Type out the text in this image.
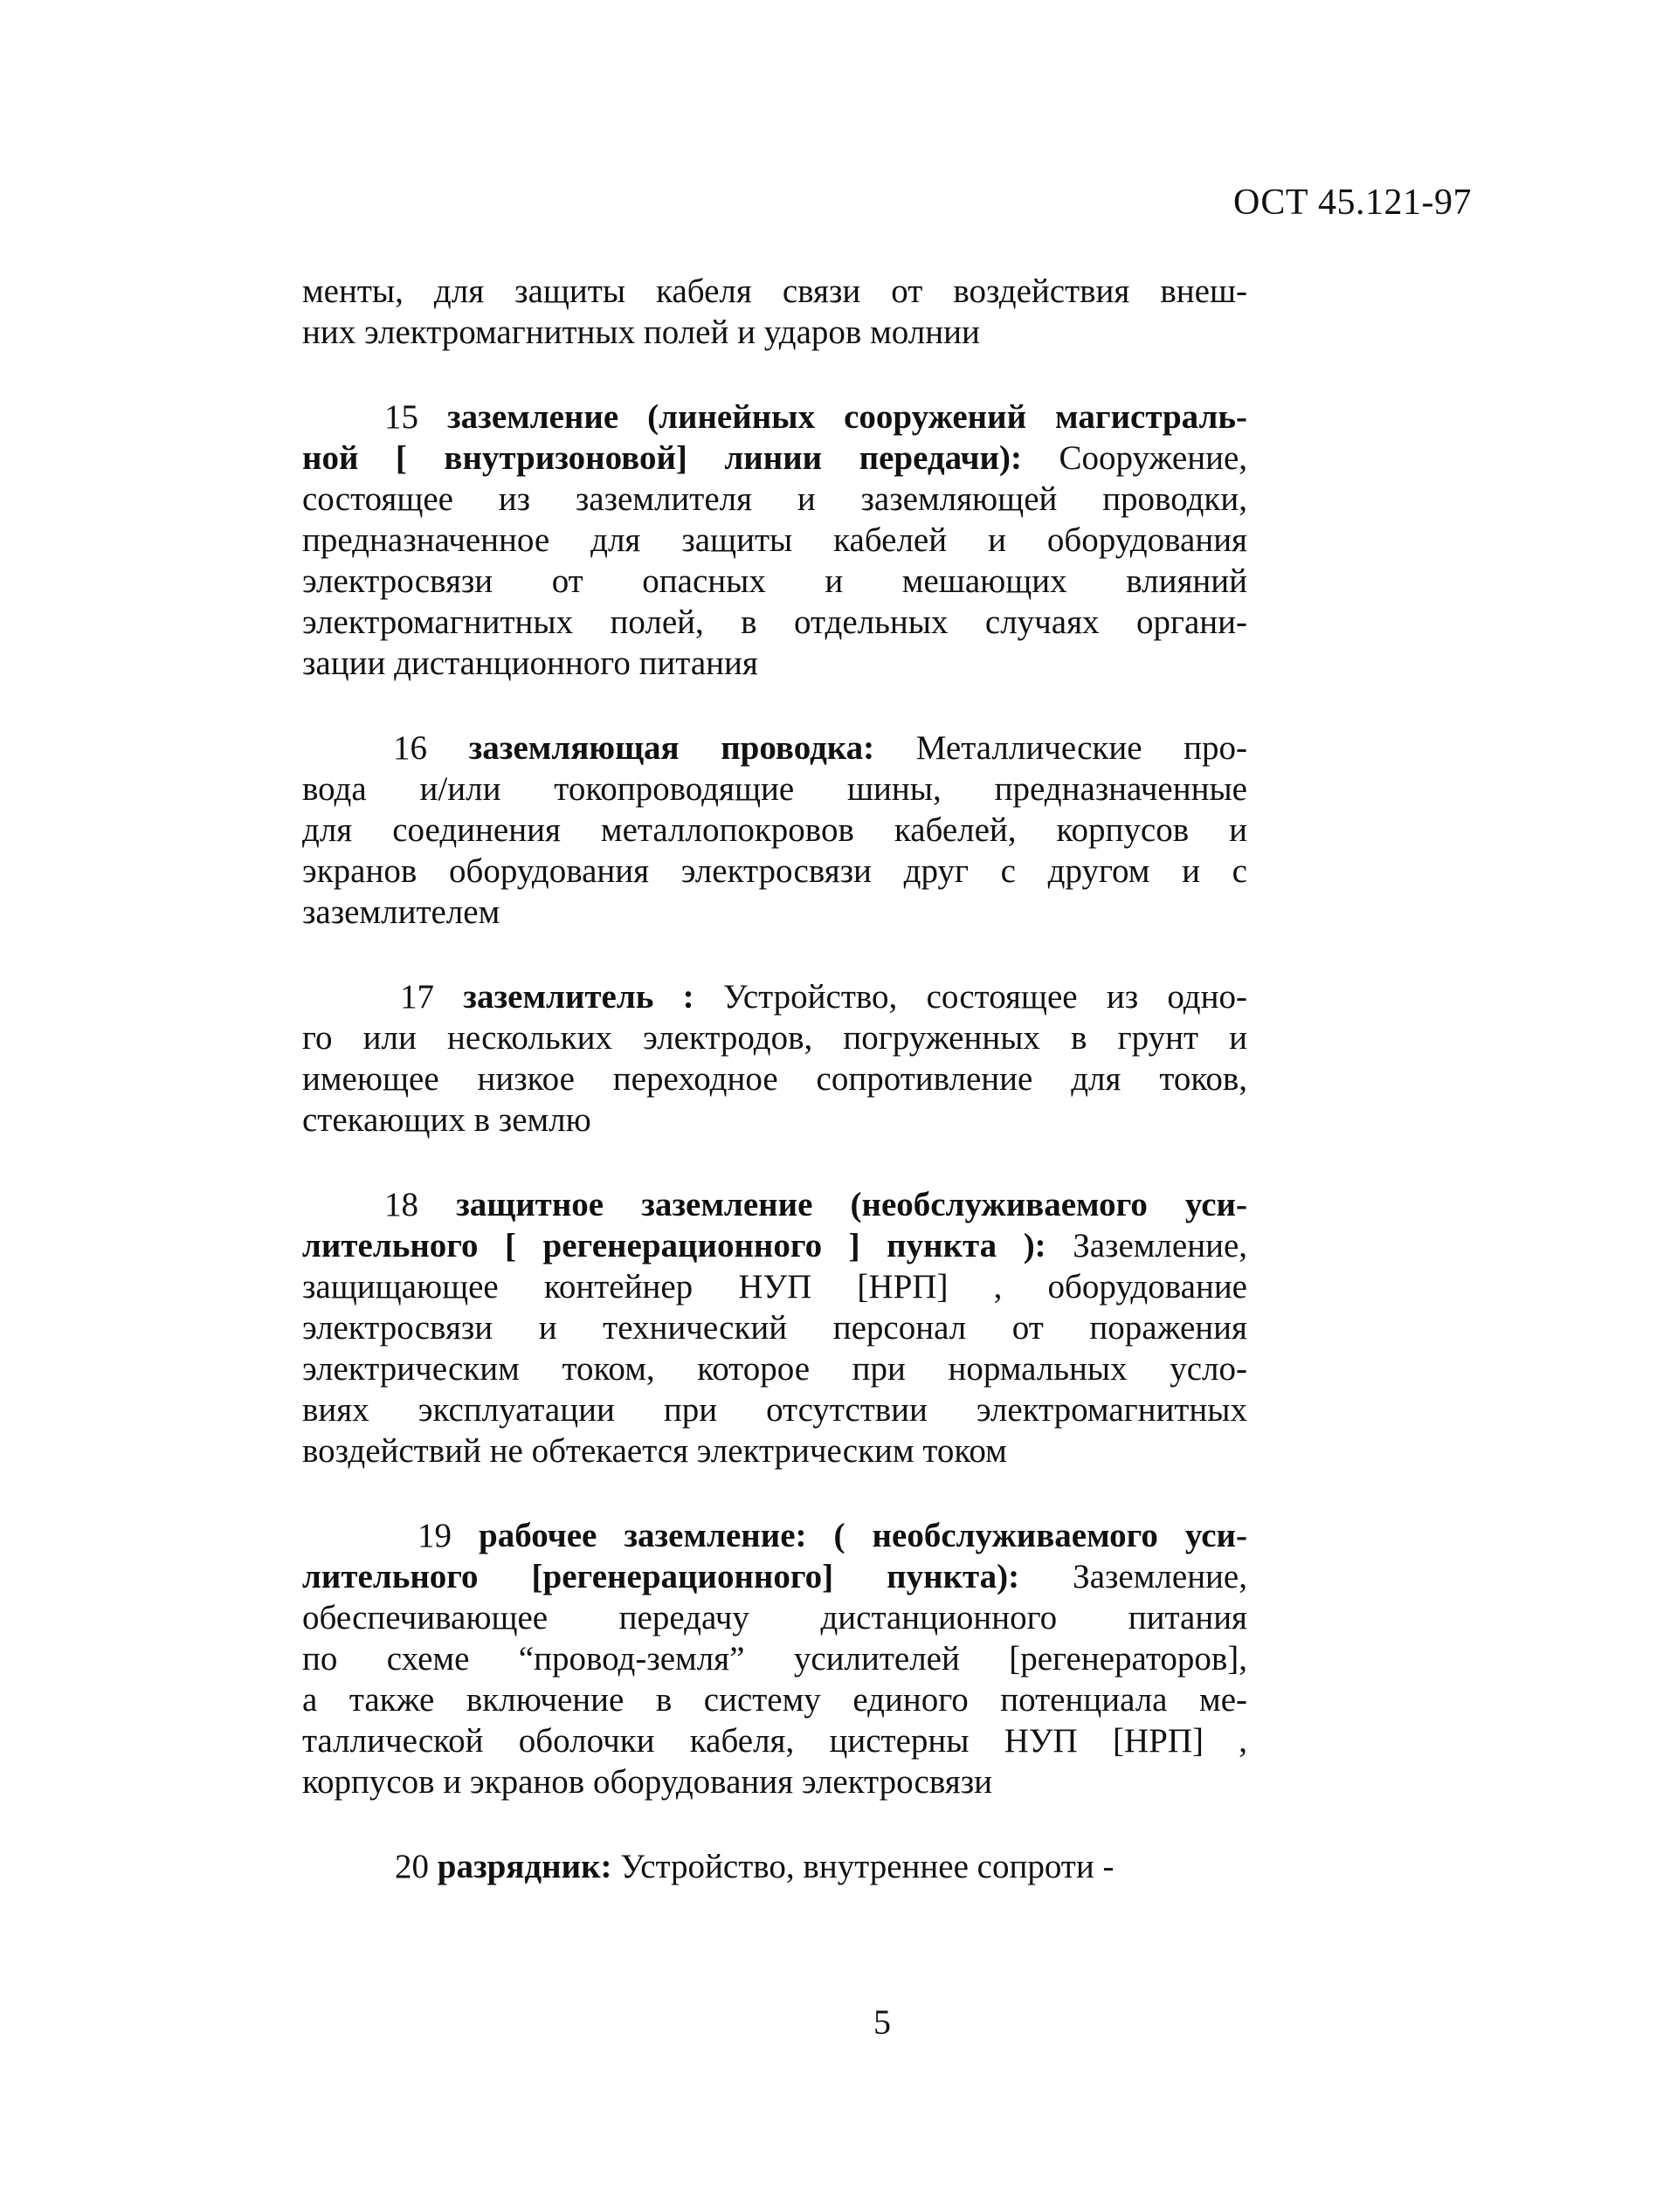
ОСТ 45.121-97
менты, для защиты кабеля связи от воздействия внеш-
них электромагнитных полей и ударов молнии
15 заземление (линейных сооружений магистраль-
ной [ внутризоновой] линии передачи): Сооружение,
состоящее из заземлителя и заземляющей проводки,
предназначенное для защиты кабелей и оборудования
электросвязи от опасных и мешающих влияний
электромагнитных полей, в отдельных случаях органи-
зации дистанционного питания
16 заземляющая проводка: Металлические про-
вода и/или токопроводящие шины, предназначенные
для соединения металлопокровов кабелей, корпусов и
экранов оборудования электросвязи друг с другом и с
заземлителем
17 заземлитель : Устройство, состоящее из одно-
го или нескольких электродов, погруженных в грунт и
имеющее низкое переходное сопротивление для токов,
стекающих в землю
18 защитное заземление (необслуживаемого уси-
лительного [ регенерационного ] пункта ): Заземление,
защищающее контейнер НУП [НРП] , оборудование
электросвязи и технический персонал от поражения
электрическим током, которое при нормальных усло-
виях эксплуатации при отсутствии электромагнитных
воздействий не обтекается электрическим током
19 рабочее заземление: ( необслуживаемого уси-
лительного [регенерационного] пункта): Заземление,
обеспечивающее передачу дистанционного питания
по схеме “провод-земля” усилителей [регенераторов],
а также включение в систему единого потенциала ме-
таллической оболочки кабеля, цистерны НУП [НРП] ,
корпусов и экранов оборудования электросвязи
20 разрядник: Устройство, внутреннее сопроти -
5
